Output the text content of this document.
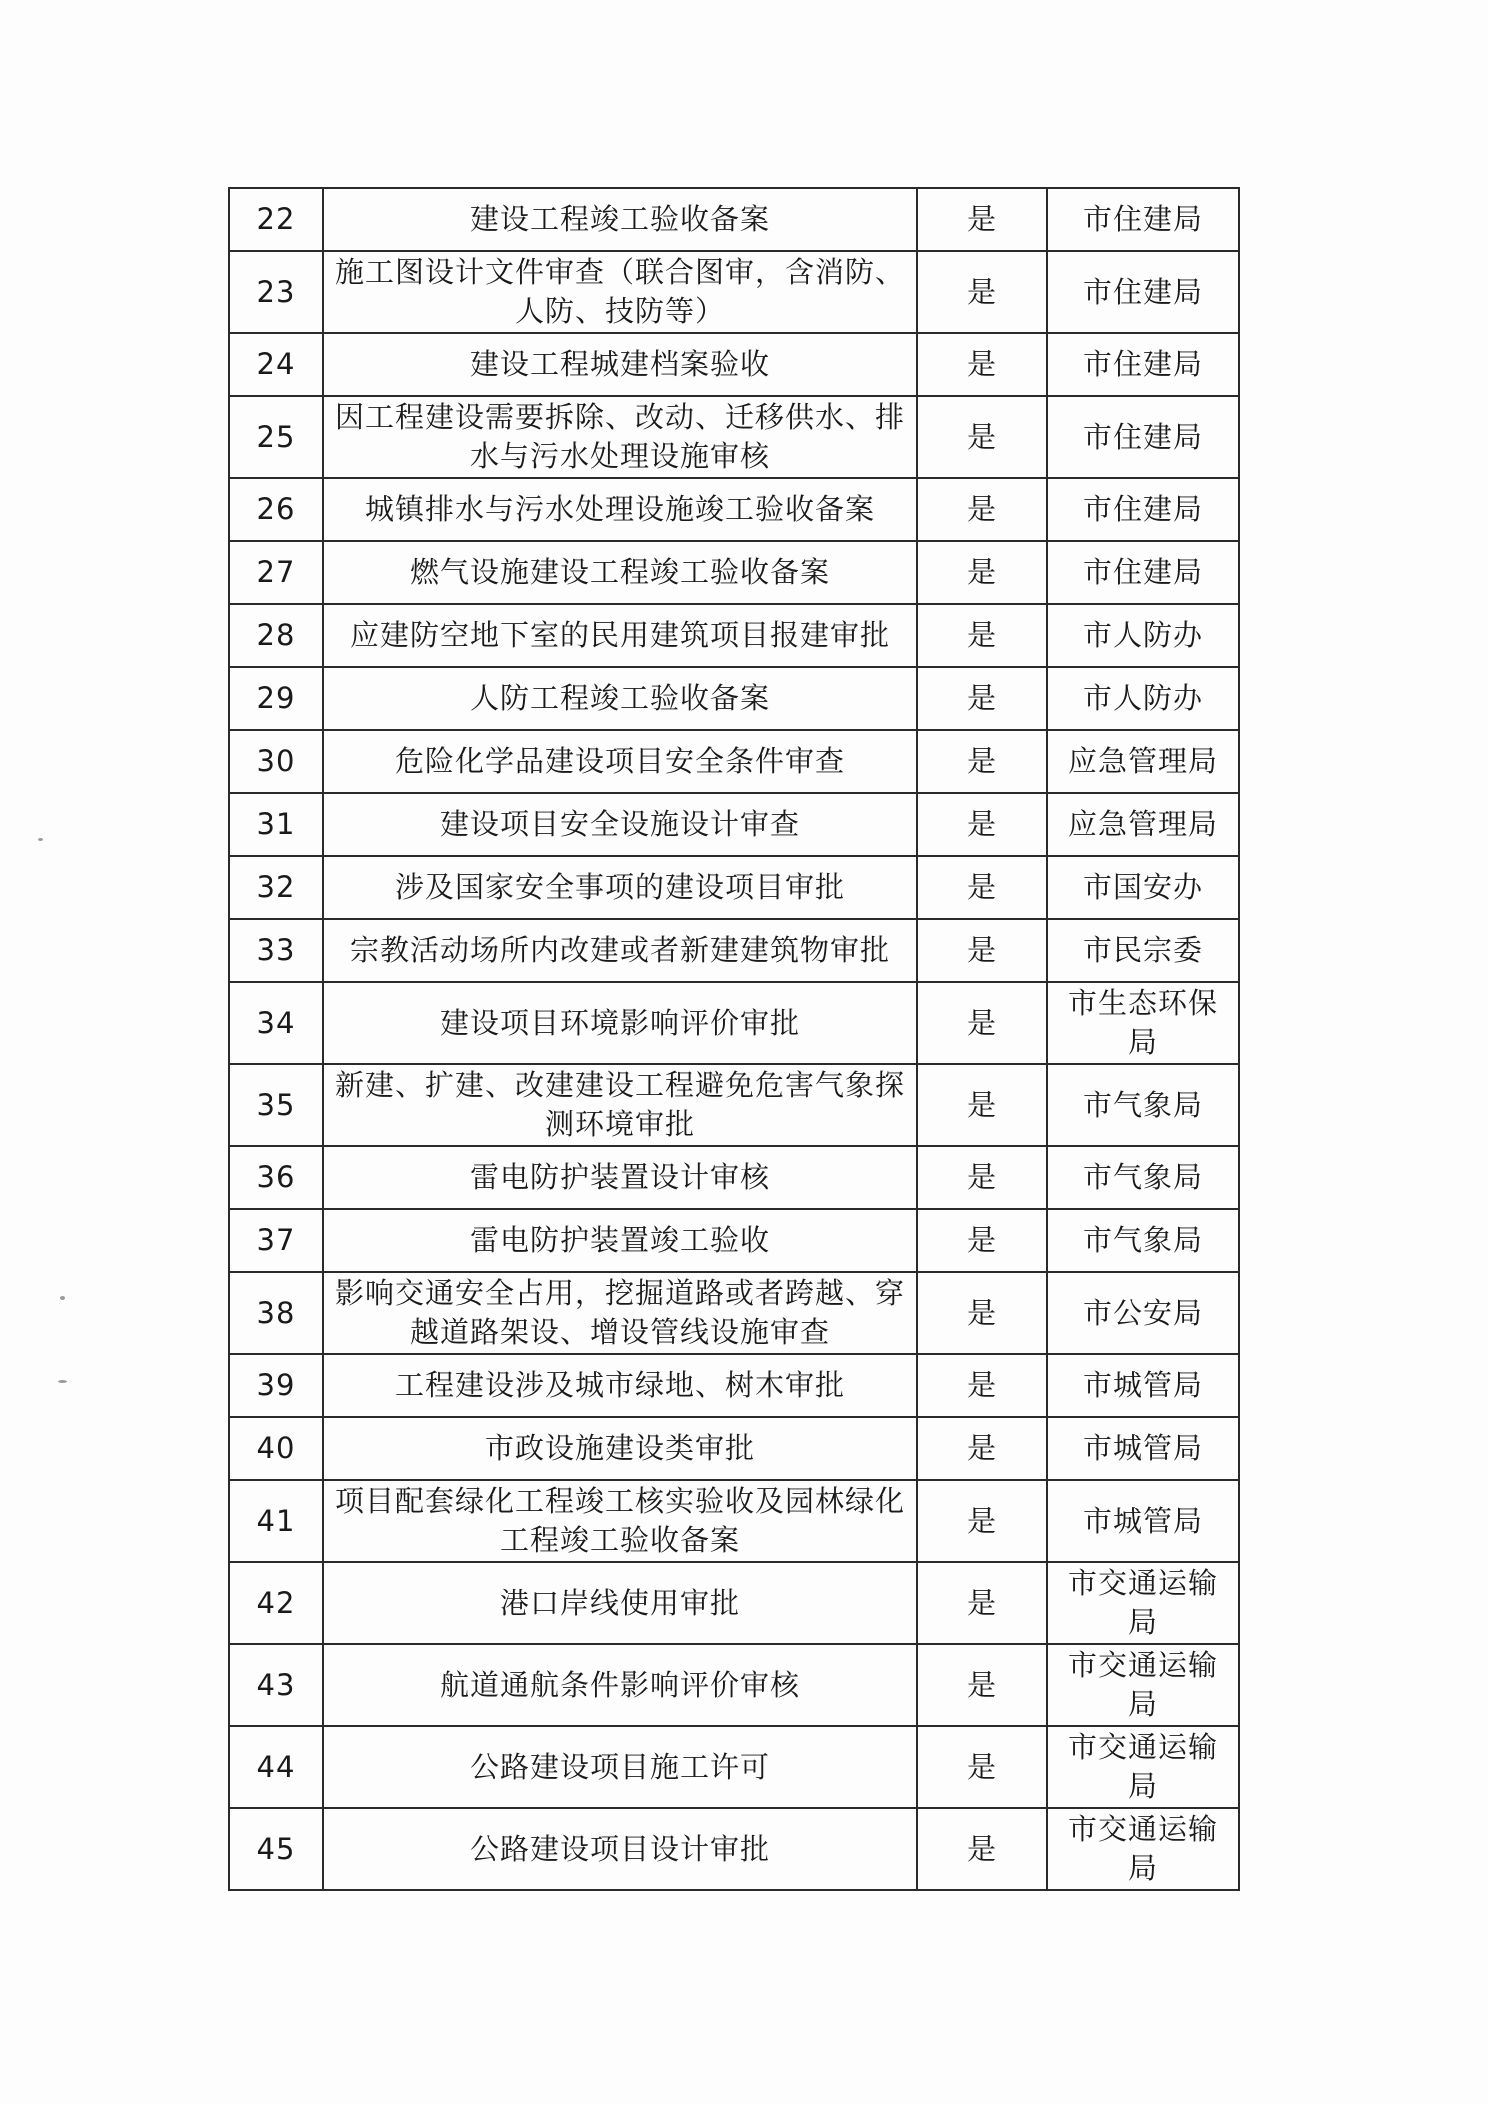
22	建设工程竣工验收备案	是	市住建局
23	施工图设计文件审查（联合图审，含消防、人防、技防等）	是	市住建局
24	建设工程城建档案验收	是	市住建局
25	因工程建设需要拆除、改动、迁移供水、排水与污水处理设施审核	是	市住建局
26	城镇排水与污水处理设施竣工验收备案	是	市住建局
27	燃气设施建设工程竣工验收备案	是	市住建局
28	应建防空地下室的民用建筑项目报建审批	是	市人防办
29	人防工程竣工验收备案	是	市人防办
30	危险化学品建设项目安全条件审查	是	应急管理局
31	建设项目安全设施设计审查	是	应急管理局
32	涉及国家安全事项的建设项目审批	是	市国安办
33	宗教活动场所内改建或者新建建筑物审批	是	市民宗委
34	建设项目环境影响评价审批	是	市生态环保局
35	新建、扩建、改建建设工程避免危害气象探测环境审批	是	市气象局
36	雷电防护装置设计审核	是	市气象局
37	雷电防护装置竣工验收	是	市气象局
38	影响交通安全占用，挖掘道路或者跨越、穿越道路架设、增设管线设施审查	是	市公安局
39	工程建设涉及城市绿地、树木审批	是	市城管局
40	市政设施建设类审批	是	市城管局
41	项目配套绿化工程竣工核实验收及园林绿化工程竣工验收备案	是	市城管局
42	港口岸线使用审批	是	市交通运输局
43	航道通航条件影响评价审核	是	市交通运输局
44	公路建设项目施工许可	是	市交通运输局
45	公路建设项目设计审批	是	市交通运输局
